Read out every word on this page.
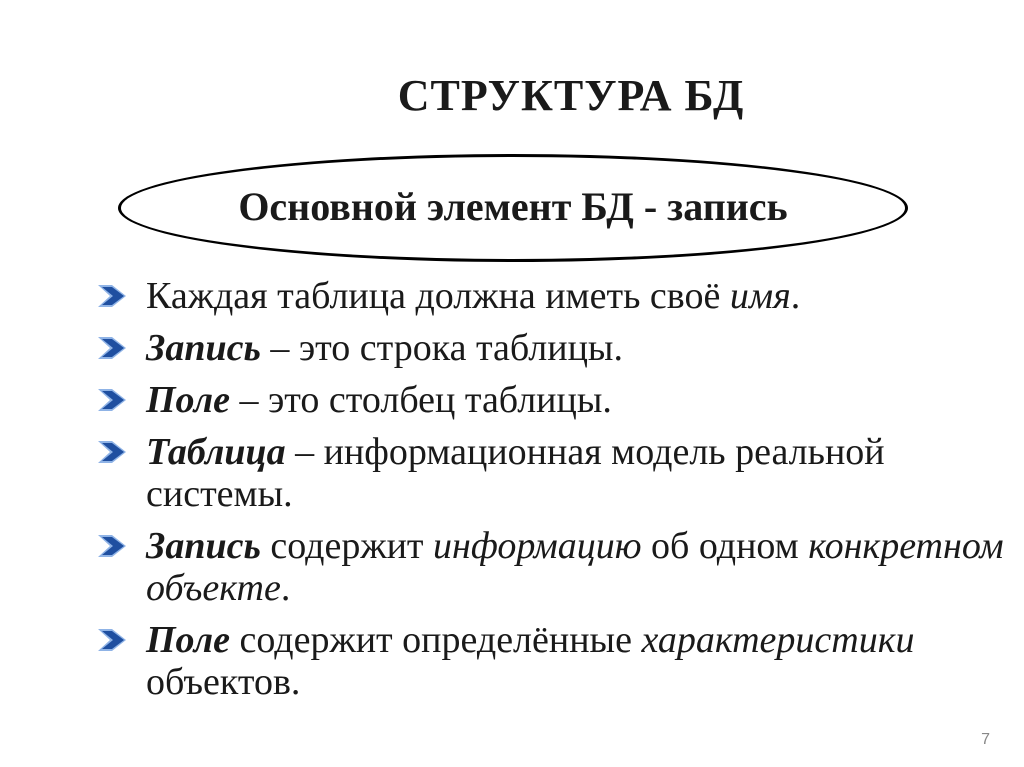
СТРУКТУРА БД
Основной элемент БД - запись
Каждая таблица должна иметь своё имя.
Запись – это строка таблицы.
Поле – это столбец таблицы.
Таблица – информационная модель реальной системы.
Запись содержит информацию об одном конкретном объекте.
Поле содержит определённые характеристики объектов.
7
